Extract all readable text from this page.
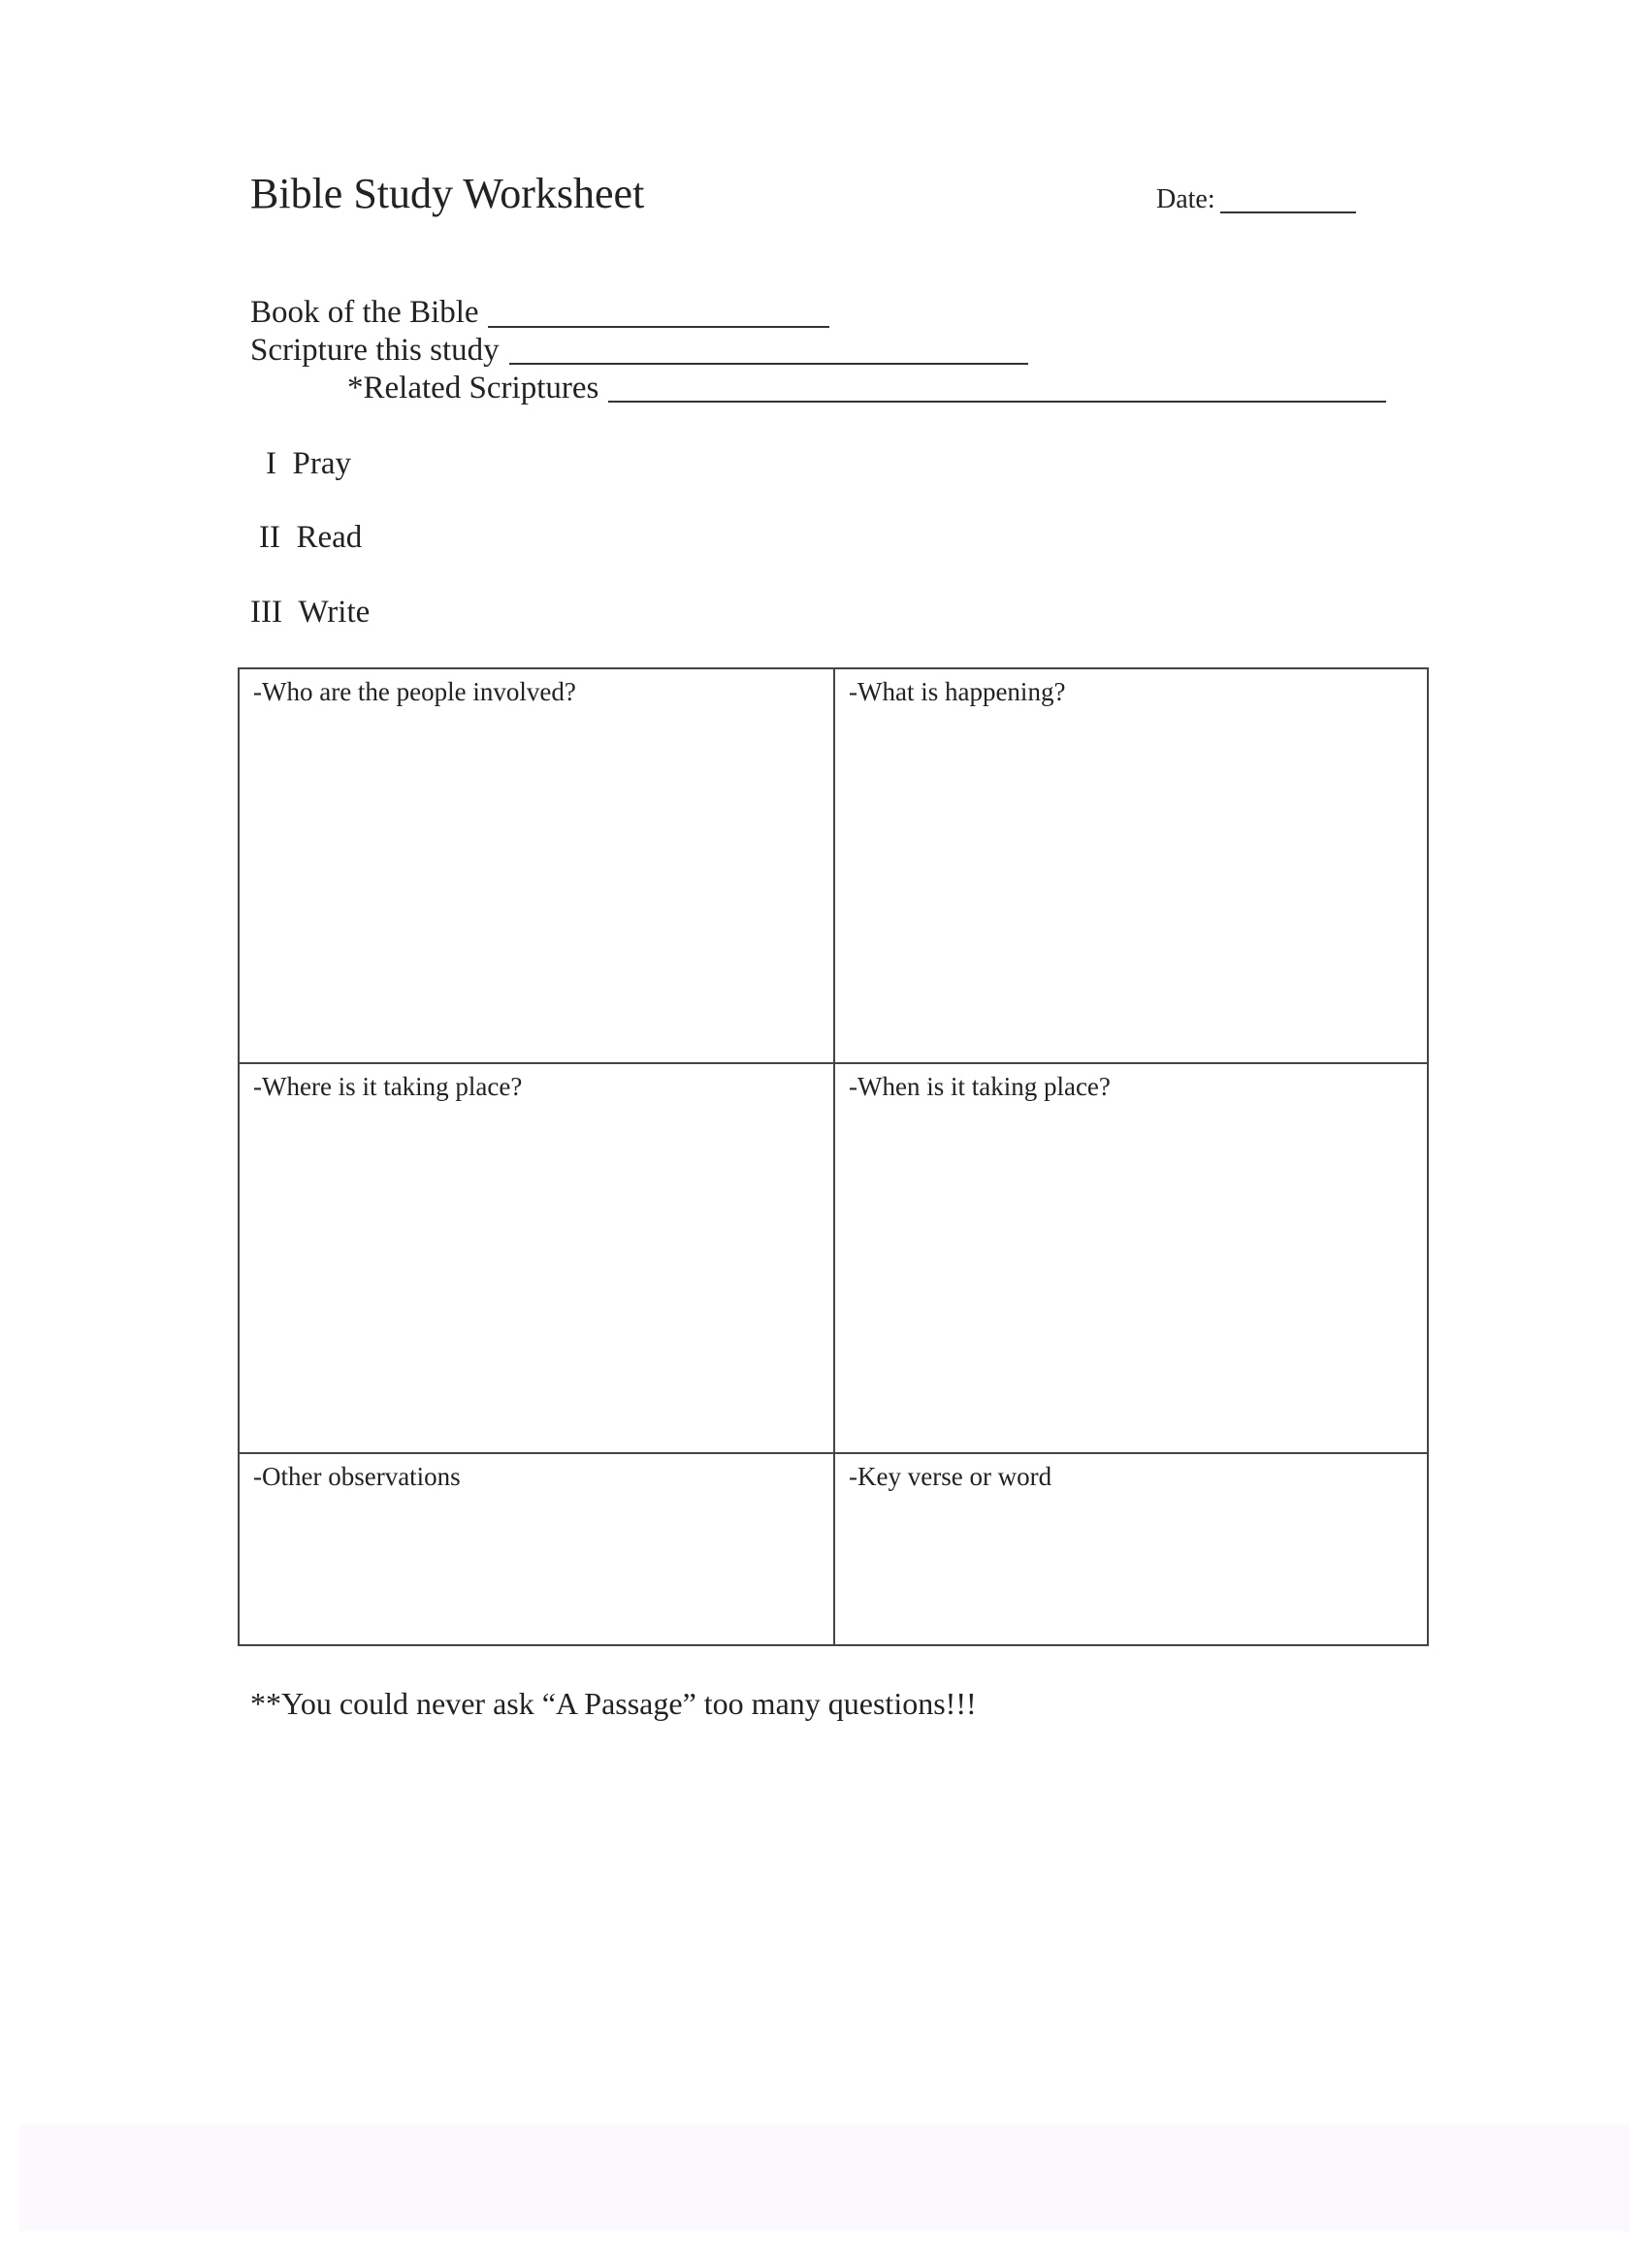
Bible Study Worksheet	Date:
Book of the Bible
Scripture this study
*Related Scriptures
I Pray
II Read
III Write
-Who are the people involved?	-What is happening?
-Where is it taking place?	-When is it taking place?
-Other observations	-Key verse or word
**You could never ask “A Passage” too many questions!!!
